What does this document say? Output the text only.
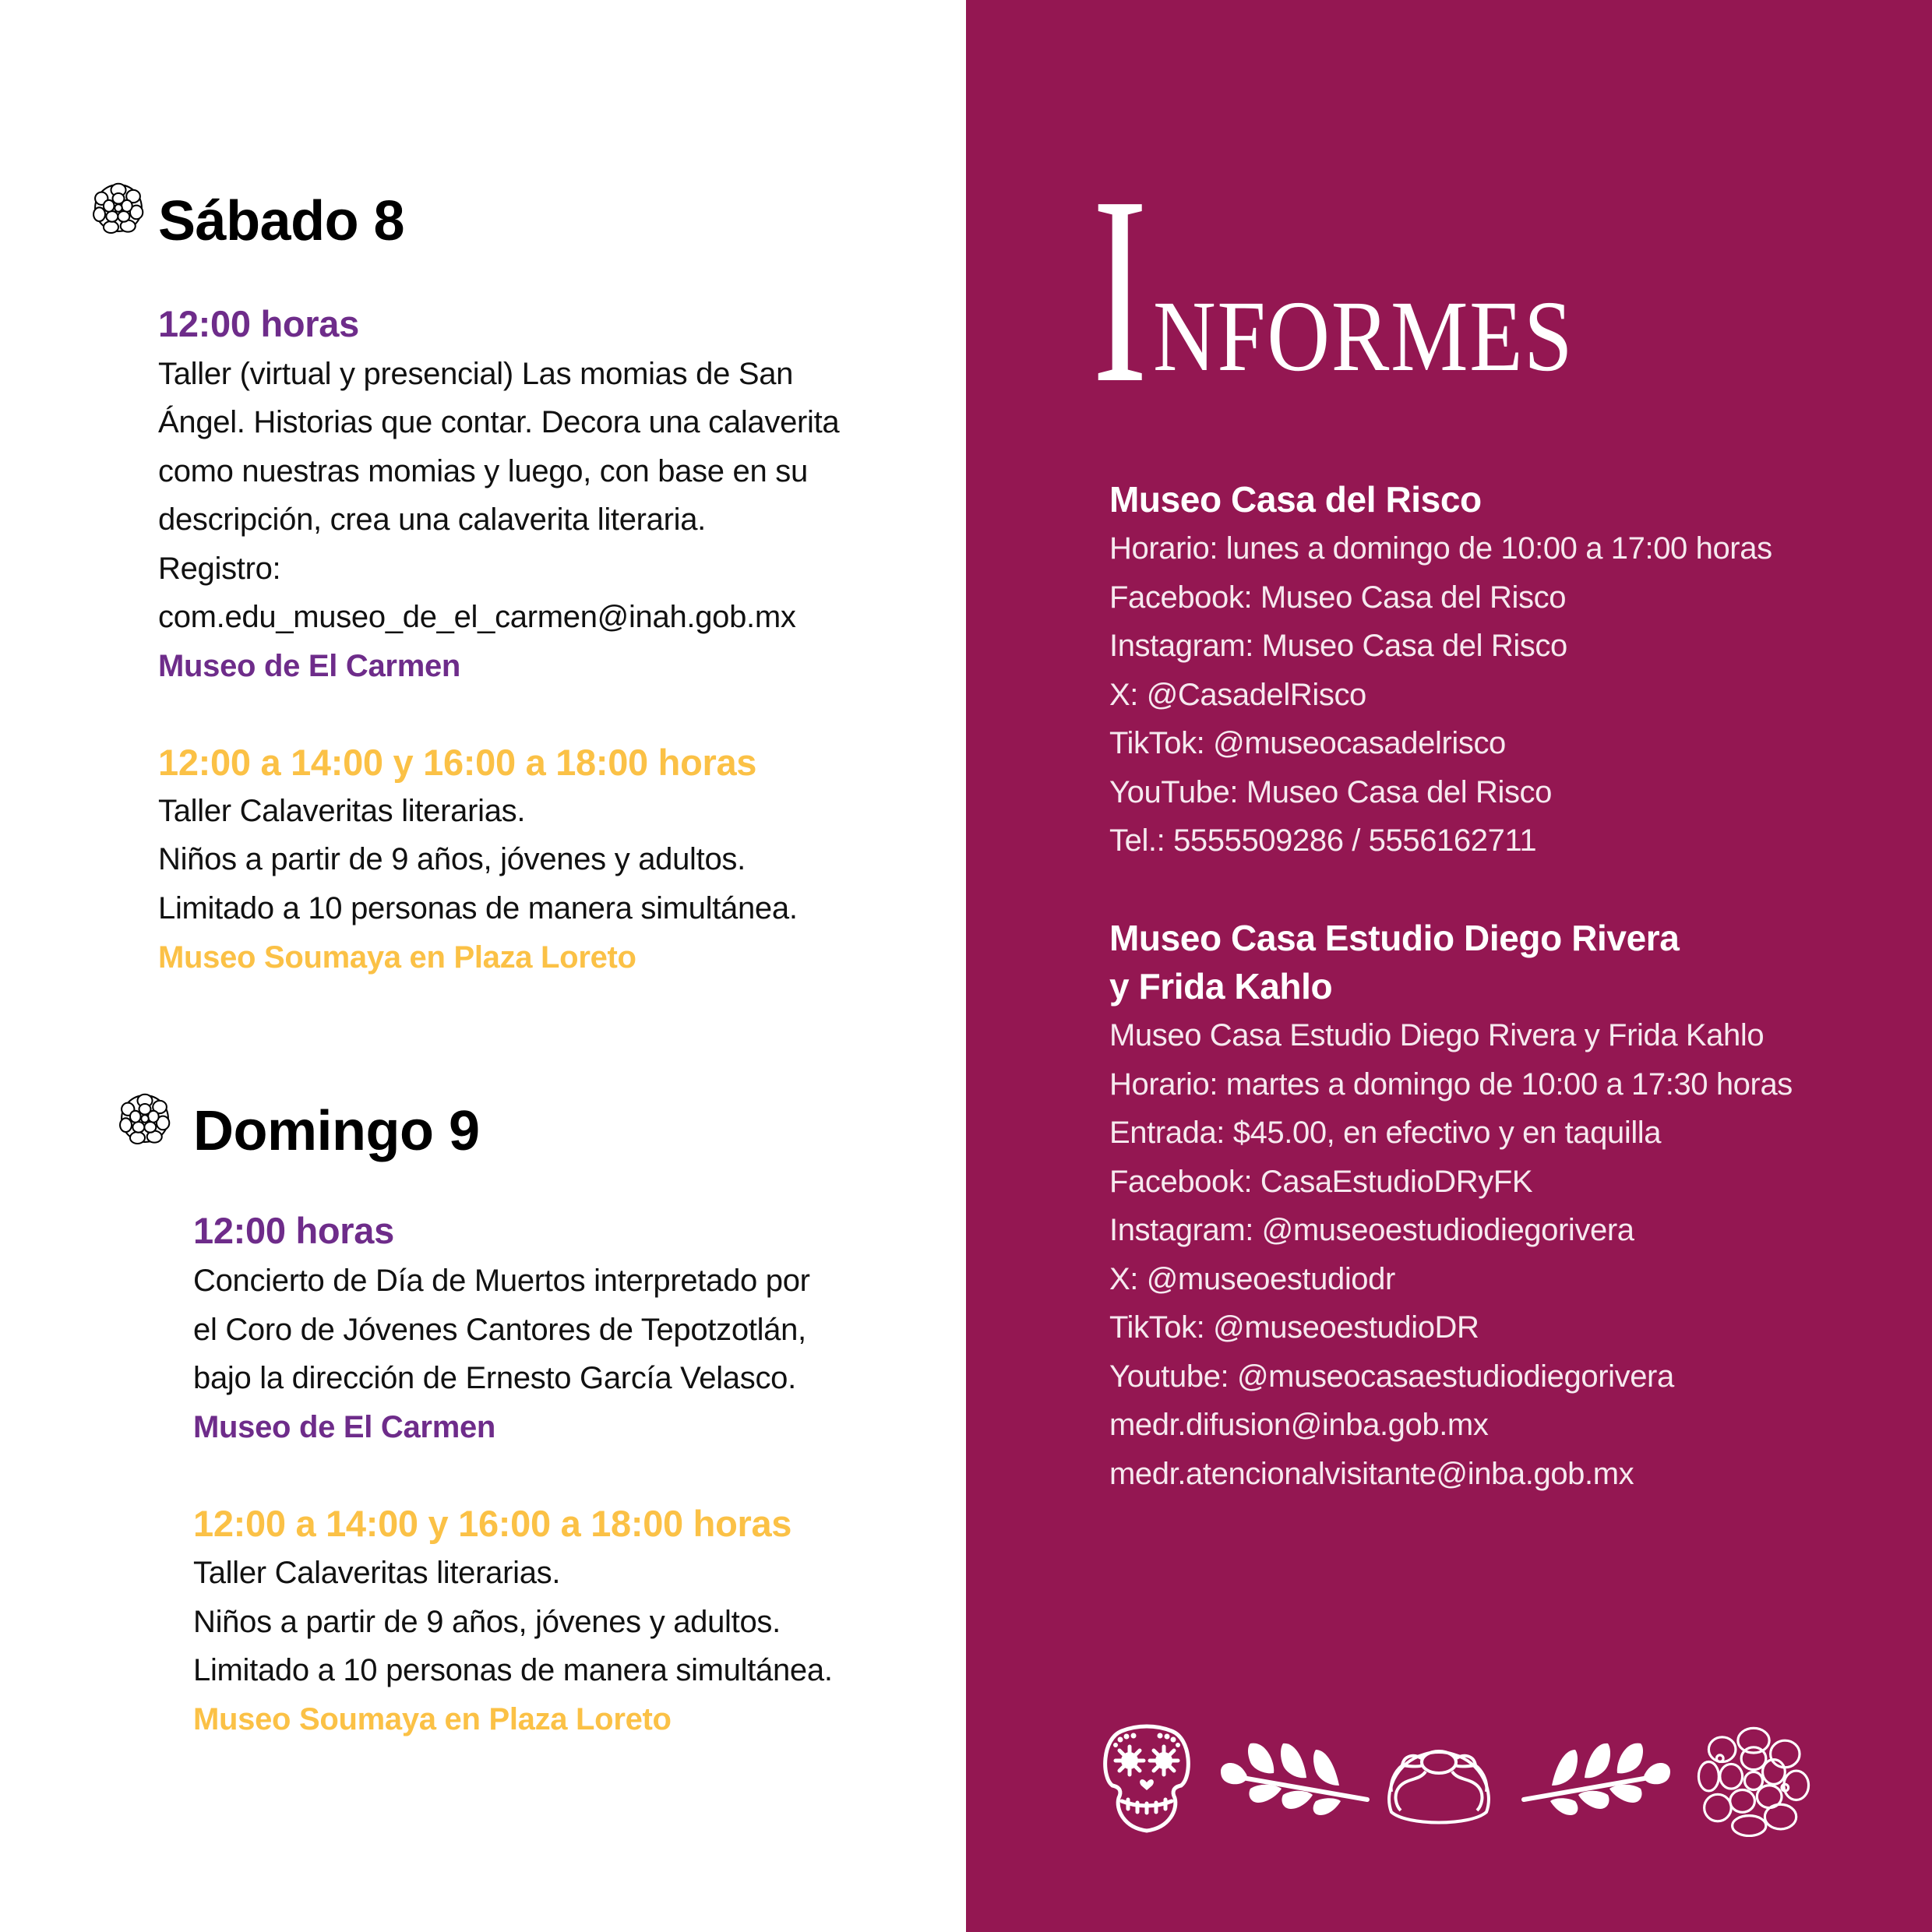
Sábado 8
12:00 horas
Taller (virtual y presencial) Las momias de San
Ángel. Historias que contar. Decora una calaverita
como nuestras momias y luego, con base en su
descripción, crea una calaverita literaria.
Registro:
com.edu_museo_de_el_carmen@inah.gob.mx
Museo de El Carmen
12:00 a 14:00 y 16:00 a 18:00 horas
Taller Calaveritas literarias.
Niños a partir de 9 años, jóvenes y adultos.
Limitado a 10 personas de manera simultánea.
Museo Soumaya en Plaza Loreto
Domingo 9
12:00 horas
Concierto de Día de Muertos interpretado por
el Coro de Jóvenes Cantores de Tepotzotlán,
bajo la dirección de Ernesto García Velasco.
Museo de El Carmen
12:00 a 14:00 y 16:00 a 18:00 horas
Taller Calaveritas literarias.
Niños a partir de 9 años, jóvenes y adultos.
Limitado a 10 personas de manera simultánea.
Museo Soumaya en Plaza Loreto
I NFORMES
Museo Casa del Risco
Horario: lunes a domingo de 10:00 a 17:00 horas
Facebook: Museo Casa del Risco
Instagram: Museo Casa del Risco
X: @CasadelRisco
TikTok: @museocasadelrisco
YouTube: Museo Casa del Risco
Tel.: 5555509286 / 5556162711
Museo Casa Estudio Diego Rivera
y Frida Kahlo
Museo Casa Estudio Diego Rivera y Frida Kahlo
Horario: martes a domingo de 10:00 a 17:30 horas
Entrada: $45.00, en efectivo y en taquilla
Facebook: CasaEstudioDRyFK
Instagram: @museoestudiodiegorivera
X: @museoestudiodr
TikTok: @museoestudioDR
Youtube: @museocasaestudiodiegorivera
medr.difusion@inba.gob.mx
medr.atencionalvisitante@inba.gob.mx
